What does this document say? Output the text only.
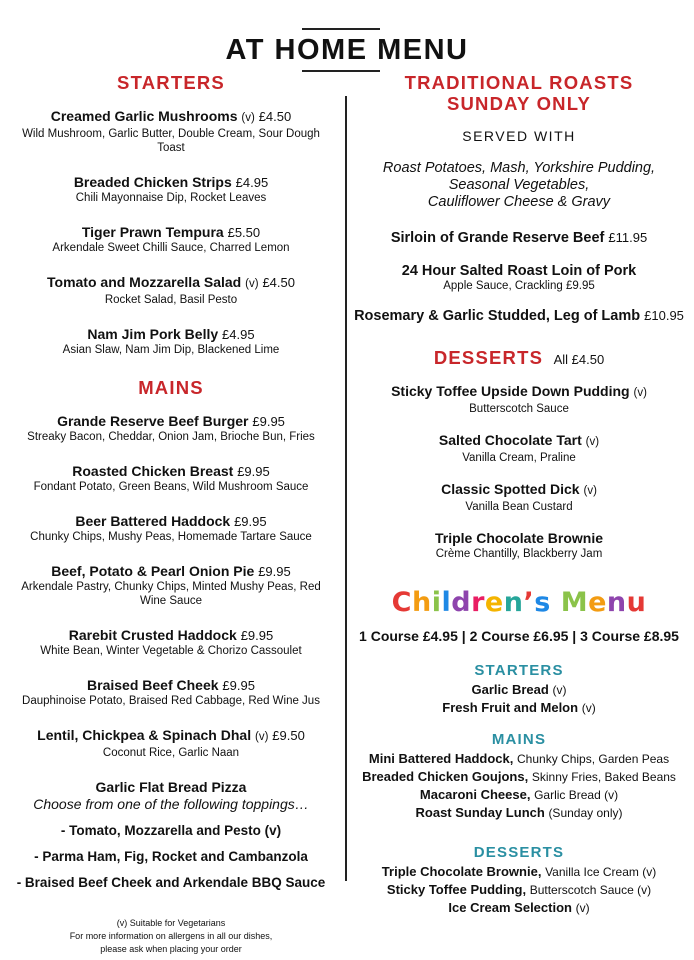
AT HOME MENU
STARTERS
Creamed Garlic Mushrooms (v) £4.50
Wild Mushroom, Garlic Butter, Double Cream, Sour Dough Toast
Breaded Chicken Strips £4.95
Chili Mayonnaise Dip, Rocket Leaves
Tiger Prawn Tempura £5.50
Arkendale Sweet Chilli Sauce, Charred Lemon
Tomato and Mozzarella Salad (v) £4.50
Rocket Salad, Basil Pesto
Nam Jim Pork Belly £4.95
Asian Slaw, Nam Jim Dip, Blackened Lime
MAINS
Grande Reserve Beef Burger £9.95
Streaky Bacon, Cheddar, Onion Jam, Brioche Bun, Fries
Roasted Chicken Breast £9.95
Fondant Potato, Green Beans, Wild Mushroom Sauce
Beer Battered Haddock £9.95
Chunky Chips, Mushy Peas, Homemade Tartare Sauce
Beef, Potato & Pearl Onion Pie £9.95
Arkendale Pastry, Chunky Chips, Minted Mushy Peas, Red Wine Sauce
Rarebit Crusted Haddock £9.95
White Bean, Winter Vegetable & Chorizo Cassoulet
Braised Beef Cheek £9.95
Dauphinoise Potato, Braised Red Cabbage, Red Wine Jus
Lentil, Chickpea & Spinach Dhal (v) £9.50
Coconut Rice, Garlic Naan
Garlic Flat Bread Pizza
Choose from one of the following toppings…
- Tomato, Mozzarella and Pesto (v)
- Parma Ham, Fig, Rocket and Cambanzola
- Braised Beef Cheek and Arkendale BBQ Sauce
(v) Suitable for Vegetarians
For more information on allergens in all our dishes,
please ask when placing your order
TRADITIONAL ROASTS
SUNDAY ONLY
SERVED WITH
Roast Potatoes, Mash, Yorkshire Pudding,
Seasonal Vegetables,
Cauliflower Cheese & Gravy
Sirloin of Grande Reserve Beef £11.95
24 Hour Salted Roast Loin of Pork
Apple Sauce, Crackling £9.95
Rosemary & Garlic Studded, Leg of Lamb £10.95
DESSERTS All £4.50
Sticky Toffee Upside Down Pudding (v)
Butterscotch Sauce
Salted Chocolate Tart (v)
Vanilla Cream, Praline
Classic Spotted Dick (v)
Vanilla Bean Custard
Triple Chocolate Brownie
Crème Chantilly, Blackberry Jam
Children’s Menu
1 Course £4.95 | 2 Course £6.95 | 3 Course £8.95
STARTERS
Garlic Bread (v)
Fresh Fruit and Melon (v)
MAINS
Mini Battered Haddock, Chunky Chips, Garden Peas
Breaded Chicken Goujons, Skinny Fries, Baked Beans
Macaroni Cheese, Garlic Bread (v)
Roast Sunday Lunch (Sunday only)
DESSERTS
Triple Chocolate Brownie, Vanilla Ice Cream (v)
Sticky Toffee Pudding, Butterscotch Sauce (v)
Ice Cream Selection (v)
